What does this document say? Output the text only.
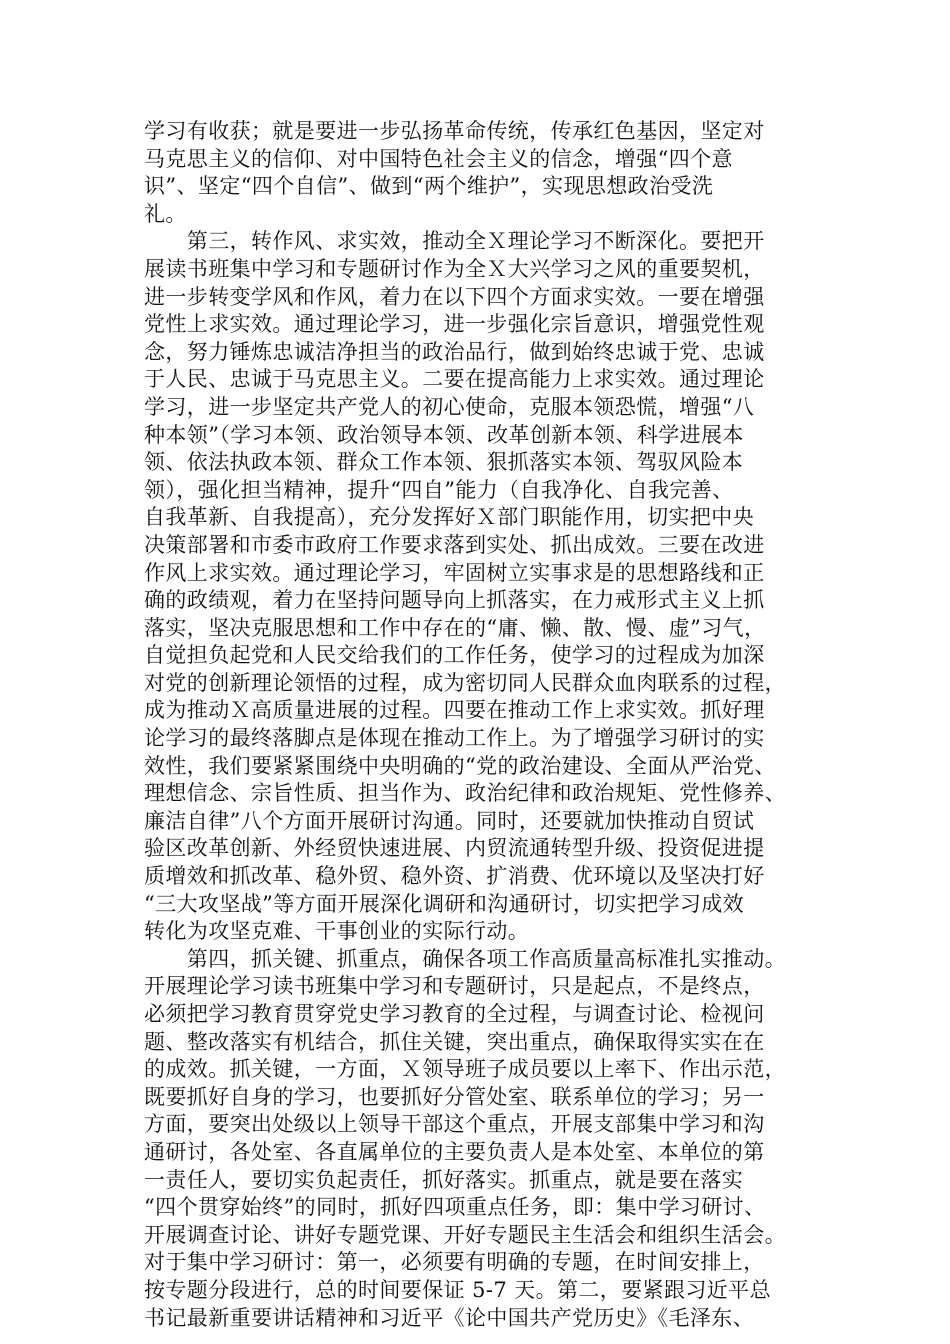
学习有收获；就是要进一步弘扬革命传统，传承红色基因，坚定对
马克思主义的信仰、对中国特色社会主义的信念，增强“四个意
识”、坚定“四个自信”、做到“两个维护”，实现思想政治受洗
礼。
　　第三，转作风、求实效，推动全Ｘ理论学习不断深化。要把开
展读书班集中学习和专题研讨作为全Ｘ大兴学习之风的重要契机，
进一步转变学风和作风，着力在以下四个方面求实效。一要在增强
党性上求实效。通过理论学习，进一步强化宗旨意识，增强党性观
念，努力锤炼忠诚洁净担当的政治品行，做到始终忠诚于党、忠诚
于人民、忠诚于马克思主义。二要在提高能力上求实效。通过理论
学习，进一步坚定共产党人的初心使命，克服本领恐慌，增强“八
种本领”（学习本领、政治领导本领、改革创新本领、科学进展本
领、依法执政本领、群众工作本领、狠抓落实本领、驾驭风险本
领），强化担当精神，提升“四自”能力（自我净化、自我完善、
自我革新、自我提高），充分发挥好Ｘ部门职能作用，切实把中央
决策部署和市委市政府工作要求落到实处、抓出成效。三要在改进
作风上求实效。通过理论学习，牢固树立实事求是的思想路线和正
确的政绩观，着力在坚持问题导向上抓落实，在力戒形式主义上抓
落实，坚决克服思想和工作中存在的“庸、懒、散、慢、虚”习气，
自觉担负起党和人民交给我们的工作任务，使学习的过程成为加深
对党的创新理论领悟的过程，成为密切同人民群众血肉联系的过程，
成为推动Ｘ高质量进展的过程。四要在推动工作上求实效。抓好理
论学习的最终落脚点是体现在推动工作上。为了增强学习研讨的实
效性，我们要紧紧围绕中央明确的“党的政治建设、全面从严治党、
理想信念、宗旨性质、担当作为、政治纪律和政治规矩、党性修养、
廉洁自律”八个方面开展研讨沟通。同时，还要就加快推动自贸试
验区改革创新、外经贸快速进展、内贸流通转型升级、投资促进提
质增效和抓改革、稳外贸、稳外资、扩消费、优环境以及坚决打好
“三大攻坚战”等方面开展深化调研和沟通研讨，切实把学习成效
转化为攻坚克难、干事创业的实际行动。
　　第四，抓关键、抓重点，确保各项工作高质量高标准扎实推动。
开展理论学习读书班集中学习和专题研讨，只是起点，不是终点，
必须把学习教育贯穿党史学习教育的全过程，与调查讨论、检视问
题、整改落实有机结合，抓住关键，突出重点，确保取得实实在在
的成效。抓关键，一方面，Ｘ领导班子成员要以上率下、作出示范，
既要抓好自身的学习，也要抓好分管处室、联系单位的学习；另一
方面，要突出处级以上领导干部这个重点，开展支部集中学习和沟
通研讨，各处室、各直属单位的主要负责人是本处室、本单位的第
一责任人，要切实负起责任，抓好落实。抓重点，就是要在落实
“四个贯穿始终”的同时，抓好四项重点任务，即：集中学习研讨、
开展调查讨论、讲好专题党课、开好专题民主生活会和组织生活会。
对于集中学习研讨：第一，必须要有明确的专题，在时间安排上，
按专题分段进行，总的时间要保证 5-7 天。第二，要紧跟习近平总
书记最新重要讲话精神和习近平《论中国共产党历史》《毛泽东、
